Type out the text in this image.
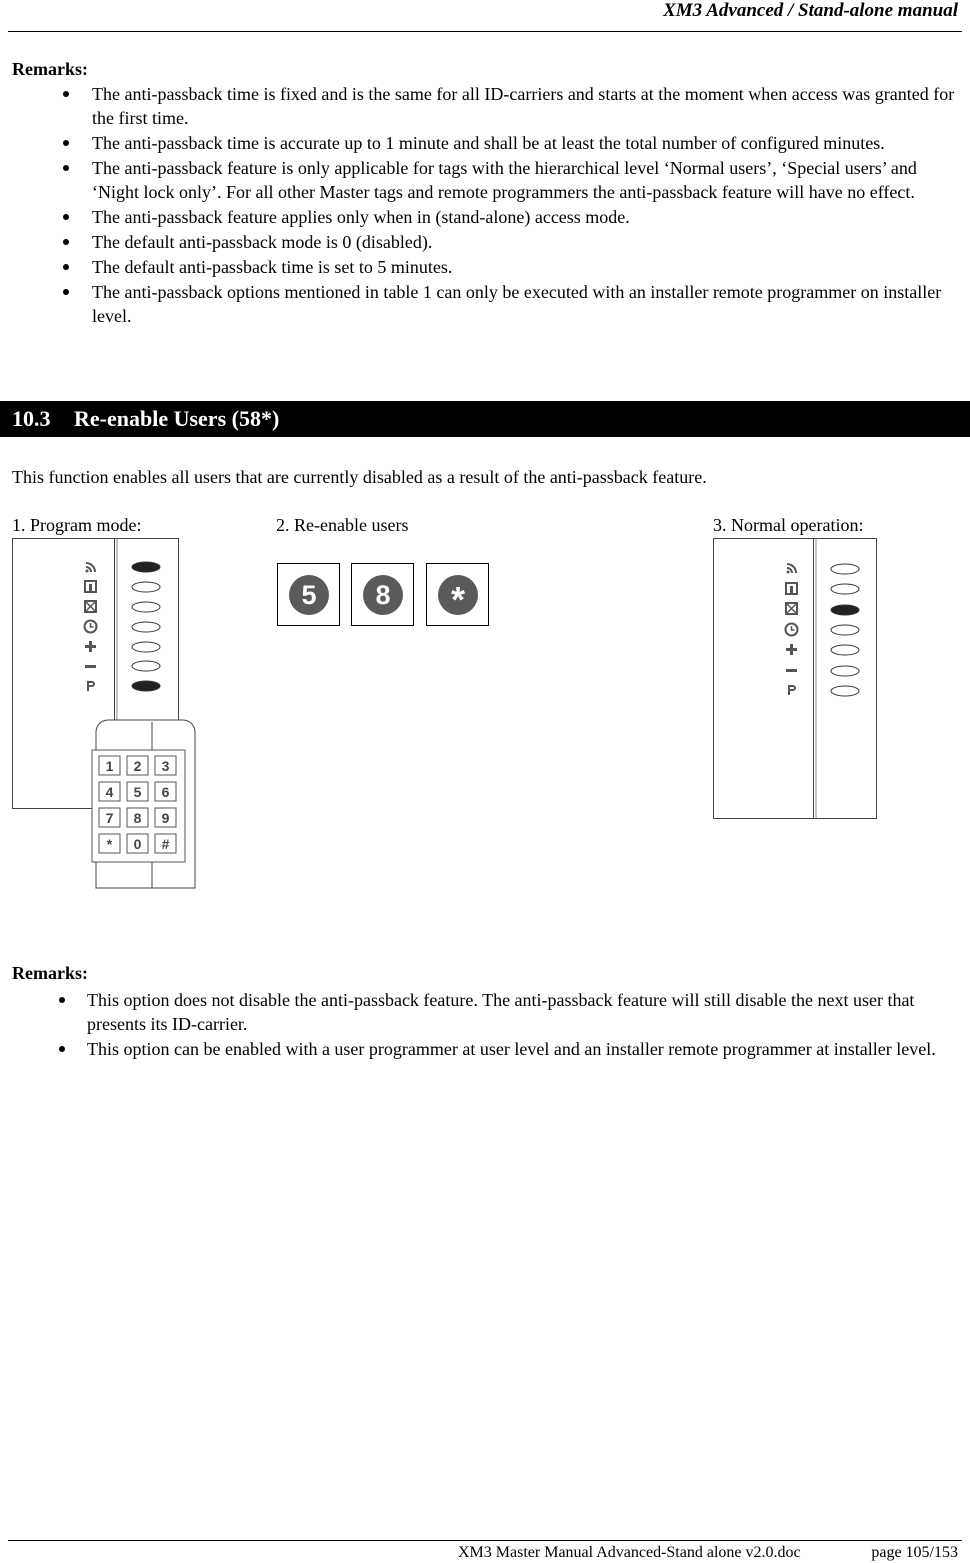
XM3 Advanced / Stand-alone manual
Remarks:
The anti-passback time is fixed and is the same for all ID-carriers and starts at the moment when access was granted for the first time.
The anti-passback time is accurate up to 1 minute and shall be at least the total number of configured minutes.
The anti-passback feature is only applicable for tags with the hierarchical level ‘Normal users’, ‘Special users’ and ‘Night lock only’. For all other Master tags and remote programmers the anti-passback feature will have no effect.
The anti-passback feature applies only when in (stand-alone) access mode.
The default anti-passback mode is 0 (disabled).
The default anti-passback time is set to 5 minutes.
The anti-passback options mentioned in table 1 can only be executed with an installer remote programmer on installer level.
10.3 Re-enable Users (58*)
This function enables all users that are currently disabled as a result of the anti-passback feature.
1. Program mode:	2. Re-enable users	3. Normal operation:
1 2 3
4 5 6
7 8 9
* 0 #
5	8	*
Remarks:
This option does not disable the anti-passback feature. The anti-passback feature will still disable the next user that presents its ID-carrier.
This option can be enabled with a user programmer at user level and an installer remote programmer at installer level.
XM3 Master Manual Advanced-Stand alone v2.0.doc	page 105/153
